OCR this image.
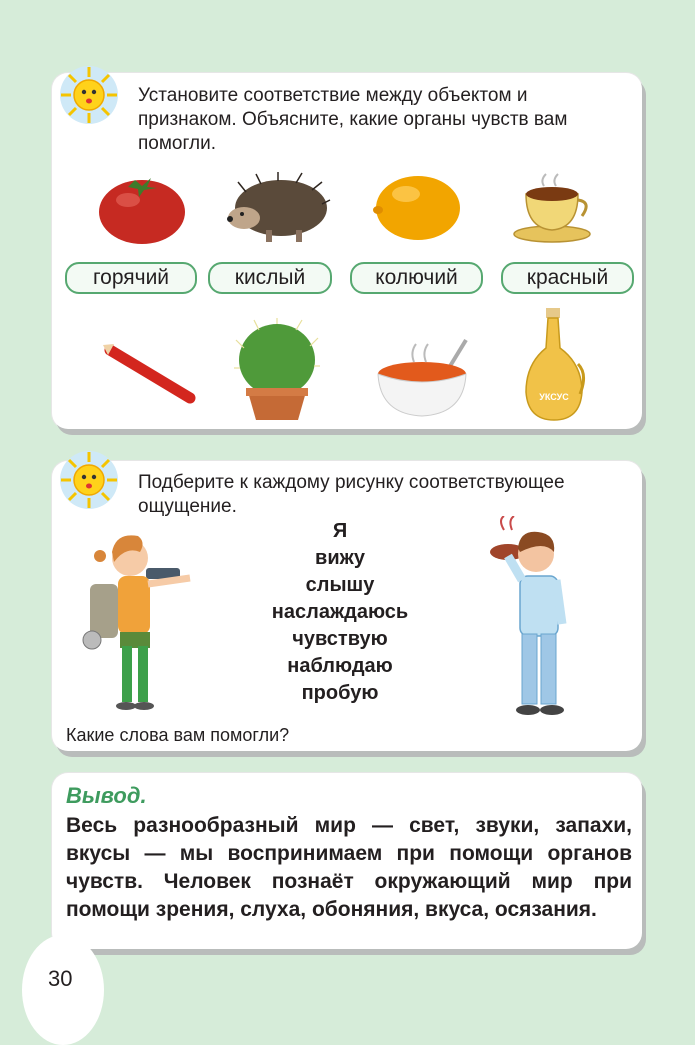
Установите соответствие между объектом и признаком. Объясните, какие органы чувств вам помогли.
горячий	кислый	колючий	красный
УКСУС
Подберите к каждому рисунку соответствующее ощущение.
Я
вижу
слышу
наслаждаюсь
чувствую
наблюдаю
пробую
Какие слова вам помогли?
Вывод.
Весь разнообразный мир — свет, звуки, запахи, вкусы — мы воспринимаем при помощи органов чувств. Человек познаёт окружающий мир при помощи зрения, слуха, обоняния, вкуса, осязания.
30
